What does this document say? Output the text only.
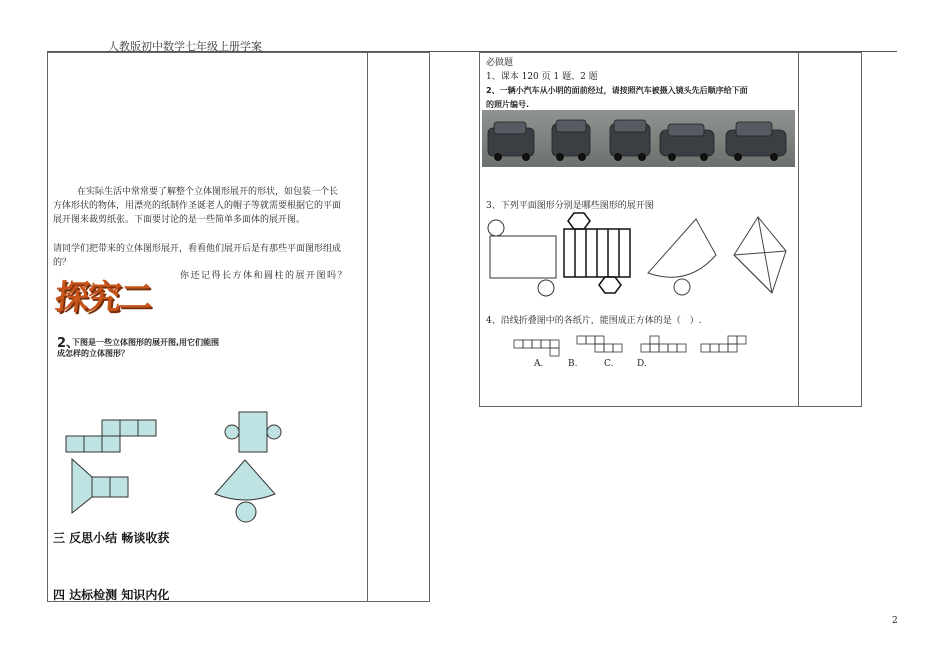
人教版初中数学七年级上册学案
在实际生活中常常要了解整个立体图形展开的形状，如包装一个长
方体形状的物体，用漂亮的纸制作圣诞老人的帽子等就需要根据它的平面
展开图来裁剪纸张。下面要讨论的是一些简单多面体的展开图。
请同学们把带来的立体图形展开，看看他们展开后是有那些平面图形组成
的？
你还记得长方体和圆柱的展开图吗？
探究二
2、
下图是一些立体图形的展开图,用它们能围
成怎样的立体图形？
三 反思小结 畅谈收获
四 达标检测 知识内化
必做题
1、课本 120 页 1 题、2 题
2、一辆小汽车从小明的面前经过，请按照汽车被摄入镜头先后顺序给下面
的照片编号.
3、下列平面图形分别是哪些图形的展开图
4、沿线折叠图中的各纸片，能围成正方体的是（　）.
A.	B.	C.	D.
2
